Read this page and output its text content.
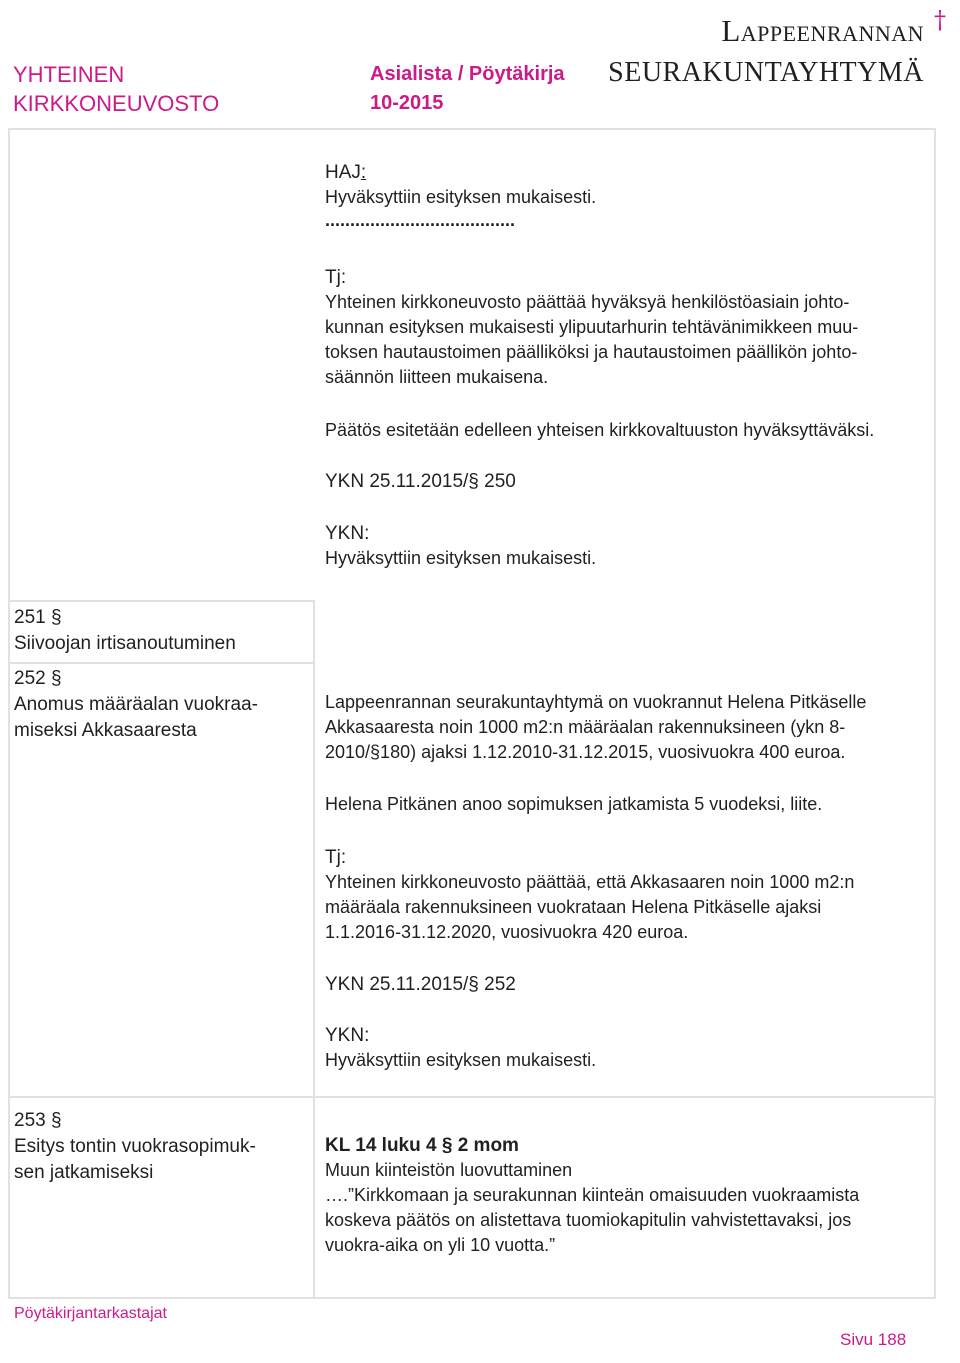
YHTEINEN
KIRKKONEUVOSTO
Asialista / Pöytäkirja
10-2015
Lappeenrannan
SEURAKUNTAYHTYMÄ
†

HAJ:

Hyväksyttiin esityksen mukaisesti.

......................................

Tj:

Yhteinen kirkkoneuvosto päättää hyväksyä henkilöstöasiain johto-

kunnan esityksen mukaisesti ylipuutarhurin tehtävänimikkeen muu-

toksen hautaustoimen päälliköksi ja hautaustoimen päällikön johto-

säännön liitteen mukaisena.

Päätös esitetään edelleen yhteisen kirkkovaltuuston hyväksyttäväksi.
YKN 25.11.2015/§ 250

YKN:

Hyväksyttiin esityksen mukaisesti.

251 §
Siivoojan irtisanoutuminen
252 §
Anomus määräalan vuokraa-
miseksi Akkasaaresta
253 §
Esitys tontin vuokrasopimuk-
sen jatkamiseksi

Lappeenrannan seurakuntayhtymä on vuokrannut Helena Pitkäselle

Akkasaaresta noin 1000 m2:n määräalan rakennuksineen (ykn 8-

2010/§180) ajaksi 1.12.2010-31.12.2015, vuosivuokra 400 euroa.

Helena Pitkänen anoo sopimuksen jatkamista 5 vuodeksi, liite.

Tj:

Yhteinen kirkkoneuvosto päättää, että Akkasaaren noin 1000 m2:n

määräala rakennuksineen vuokrataan Helena Pitkäselle ajaksi

1.1.2016-31.12.2020, vuosivuokra 420 euroa.

YKN 25.11.2015/§ 252

YKN:

Hyväksyttiin esityksen mukaisesti.

KL 14 luku 4 § 2 mom

Muun kiinteistön luovuttaminen

….”Kirkkomaan ja seurakunnan kiinteän omaisuuden vuokraamista

koskeva päätös on alistettava tuomiokapitulin vahvistettavaksi, jos

vuokra-aika on yli 10 vuotta.”

Pöytäkirjantarkastajat
Sivu 188
